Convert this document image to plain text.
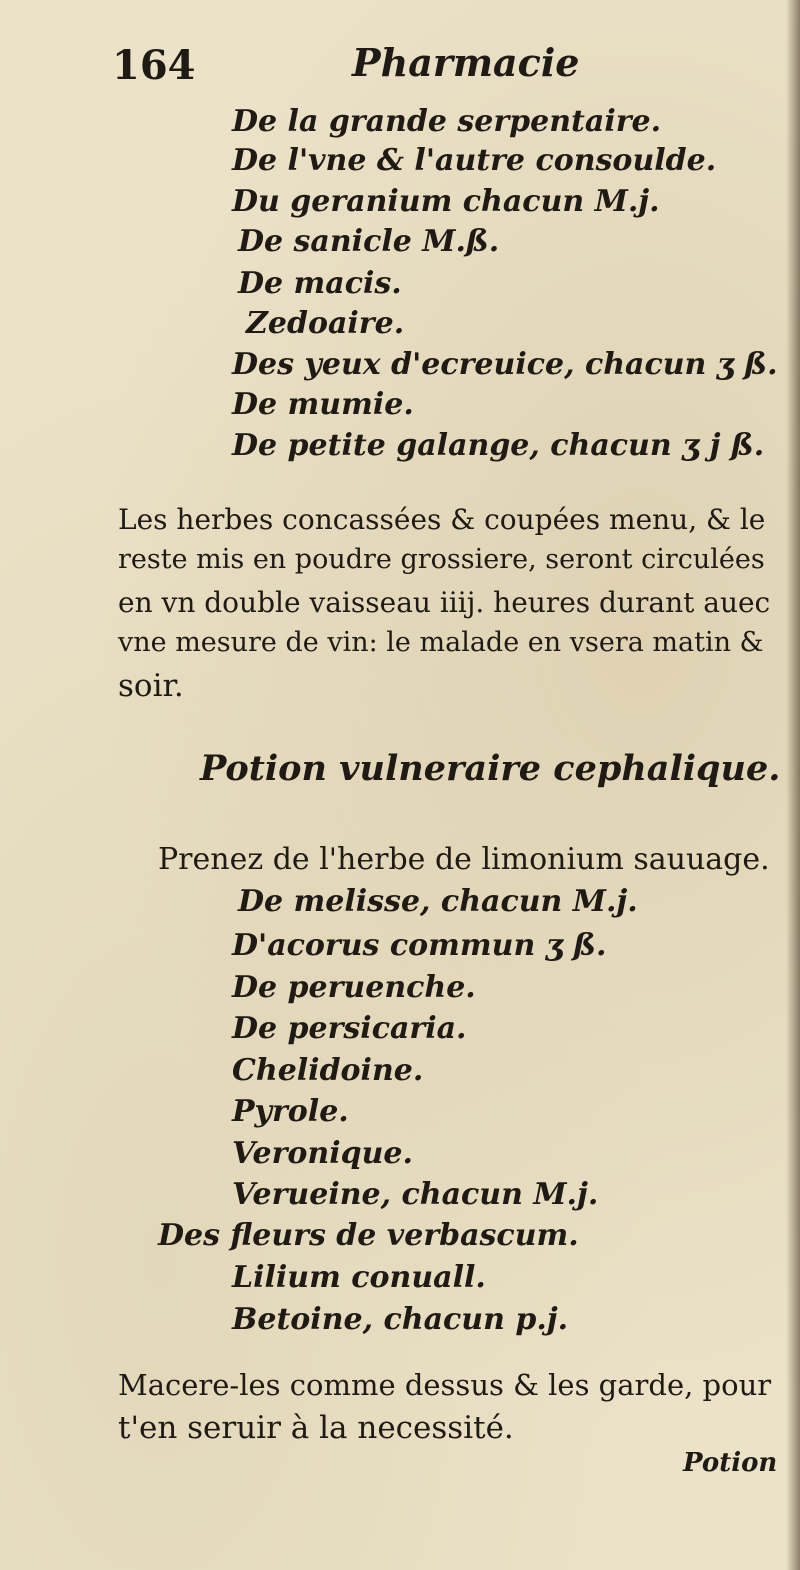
164	Pharmacie
De la grande serpentaire.
De l'vne & l'autre consoulde.
Du geranium chacun M.j.
De sanicle M.ß.
De macis.
Zedoaire.
Des yeux d'ecreuice, chacun ʒ ß.
De mumie.
De petite galange, chacun ʒ j ß.
Les herbes concassées & coupées menu, & le
reste mis en poudre grossiere, seront circulées
en vn double vaisseau iiij. heures durant auec
vne mesure de vin: le malade en vsera matin &
soir.
Potion vulneraire cephalique.
Prenez de l'herbe de limonium sauuage.
De melisse, chacun M.j.
D'acorus commun ʒ ß.
De peruenche.
De persicaria.
Chelidoine.
Pyrole.
Veronique.
Verueine, chacun M.j.
Des fleurs de verbascum.
Lilium conuall.
Betoine, chacun p.j.
Macere-les comme dessus & les garde, pour
t'en seruir à la necessité.
Potion
